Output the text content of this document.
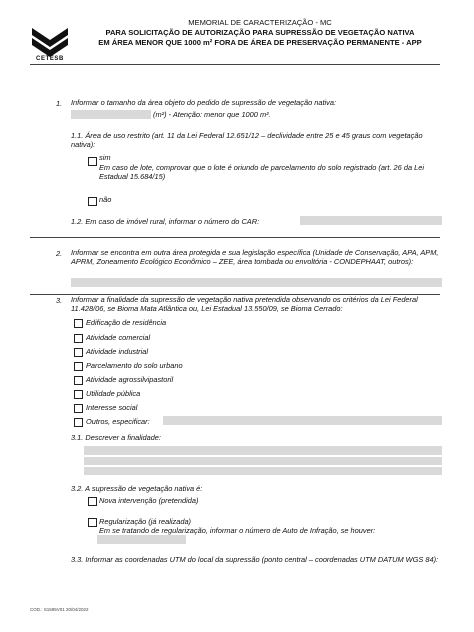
CETESB
MEMORIAL DE CARACTERIZAÇÃO - MC
PARA SOLICITAÇÃO DE AUTORIZAÇÃO PARA SUPRESSÃO DE VEGETAÇÃO NATIVA
EM ÁREA MENOR QUE 1000 m² FORA DE ÁREA DE PRESERVAÇÃO PERMANENTE - APP
1. Informar o tamanho da área objeto do pedido de supressão de vegetação nativa:
(m²) - Atenção: menor que 1000 m².
1.1. Área de uso restrito (art. 11 da Lei Federal 12.651/12 – declividade entre 25 e 45 graus com vegetação nativa):
sim
Em caso de lote, comprovar que o lote é oriundo de parcelamento do solo registrado (art. 26 da Lei Estadual 15.684/15)
não
1.2. Em caso de imóvel rural, informar o número do CAR:
2. Informar se encontra em outra área protegida e sua legislação específica (Unidade de Conservação, APA, APM, APRM, Zoneamento Ecológico Econômico – ZEE, área tombada ou envoltória - CONDEPHAAT, outros):
3. Informar a finalidade da supressão de vegetação nativa pretendida observando os critérios da Lei Federal 11.428/06, se Bioma Mata Atlântica ou, Lei Estadual 13.550/09, se Bioma Cerrado:
Edificação de residência
Atividade comercial
Atividade industrial
Parcelamento do solo urbano
Atividade agrossilvipastoril
Utilidade pública
Interesse social
Outros, especificar:
3.1. Descrever a finalidade:
3.2. A supressão de vegetação nativa é:
Nova intervenção (pretendida)
Regularização (já realizada)
Em se tratando de regularização, informar o número de Auto de Infração, se houver:
3.3. Informar as coordenadas UTM do local da supressão (ponto central – coordenadas UTM DATUM WGS 84):
COD.: S1595V01 20/04/2022
